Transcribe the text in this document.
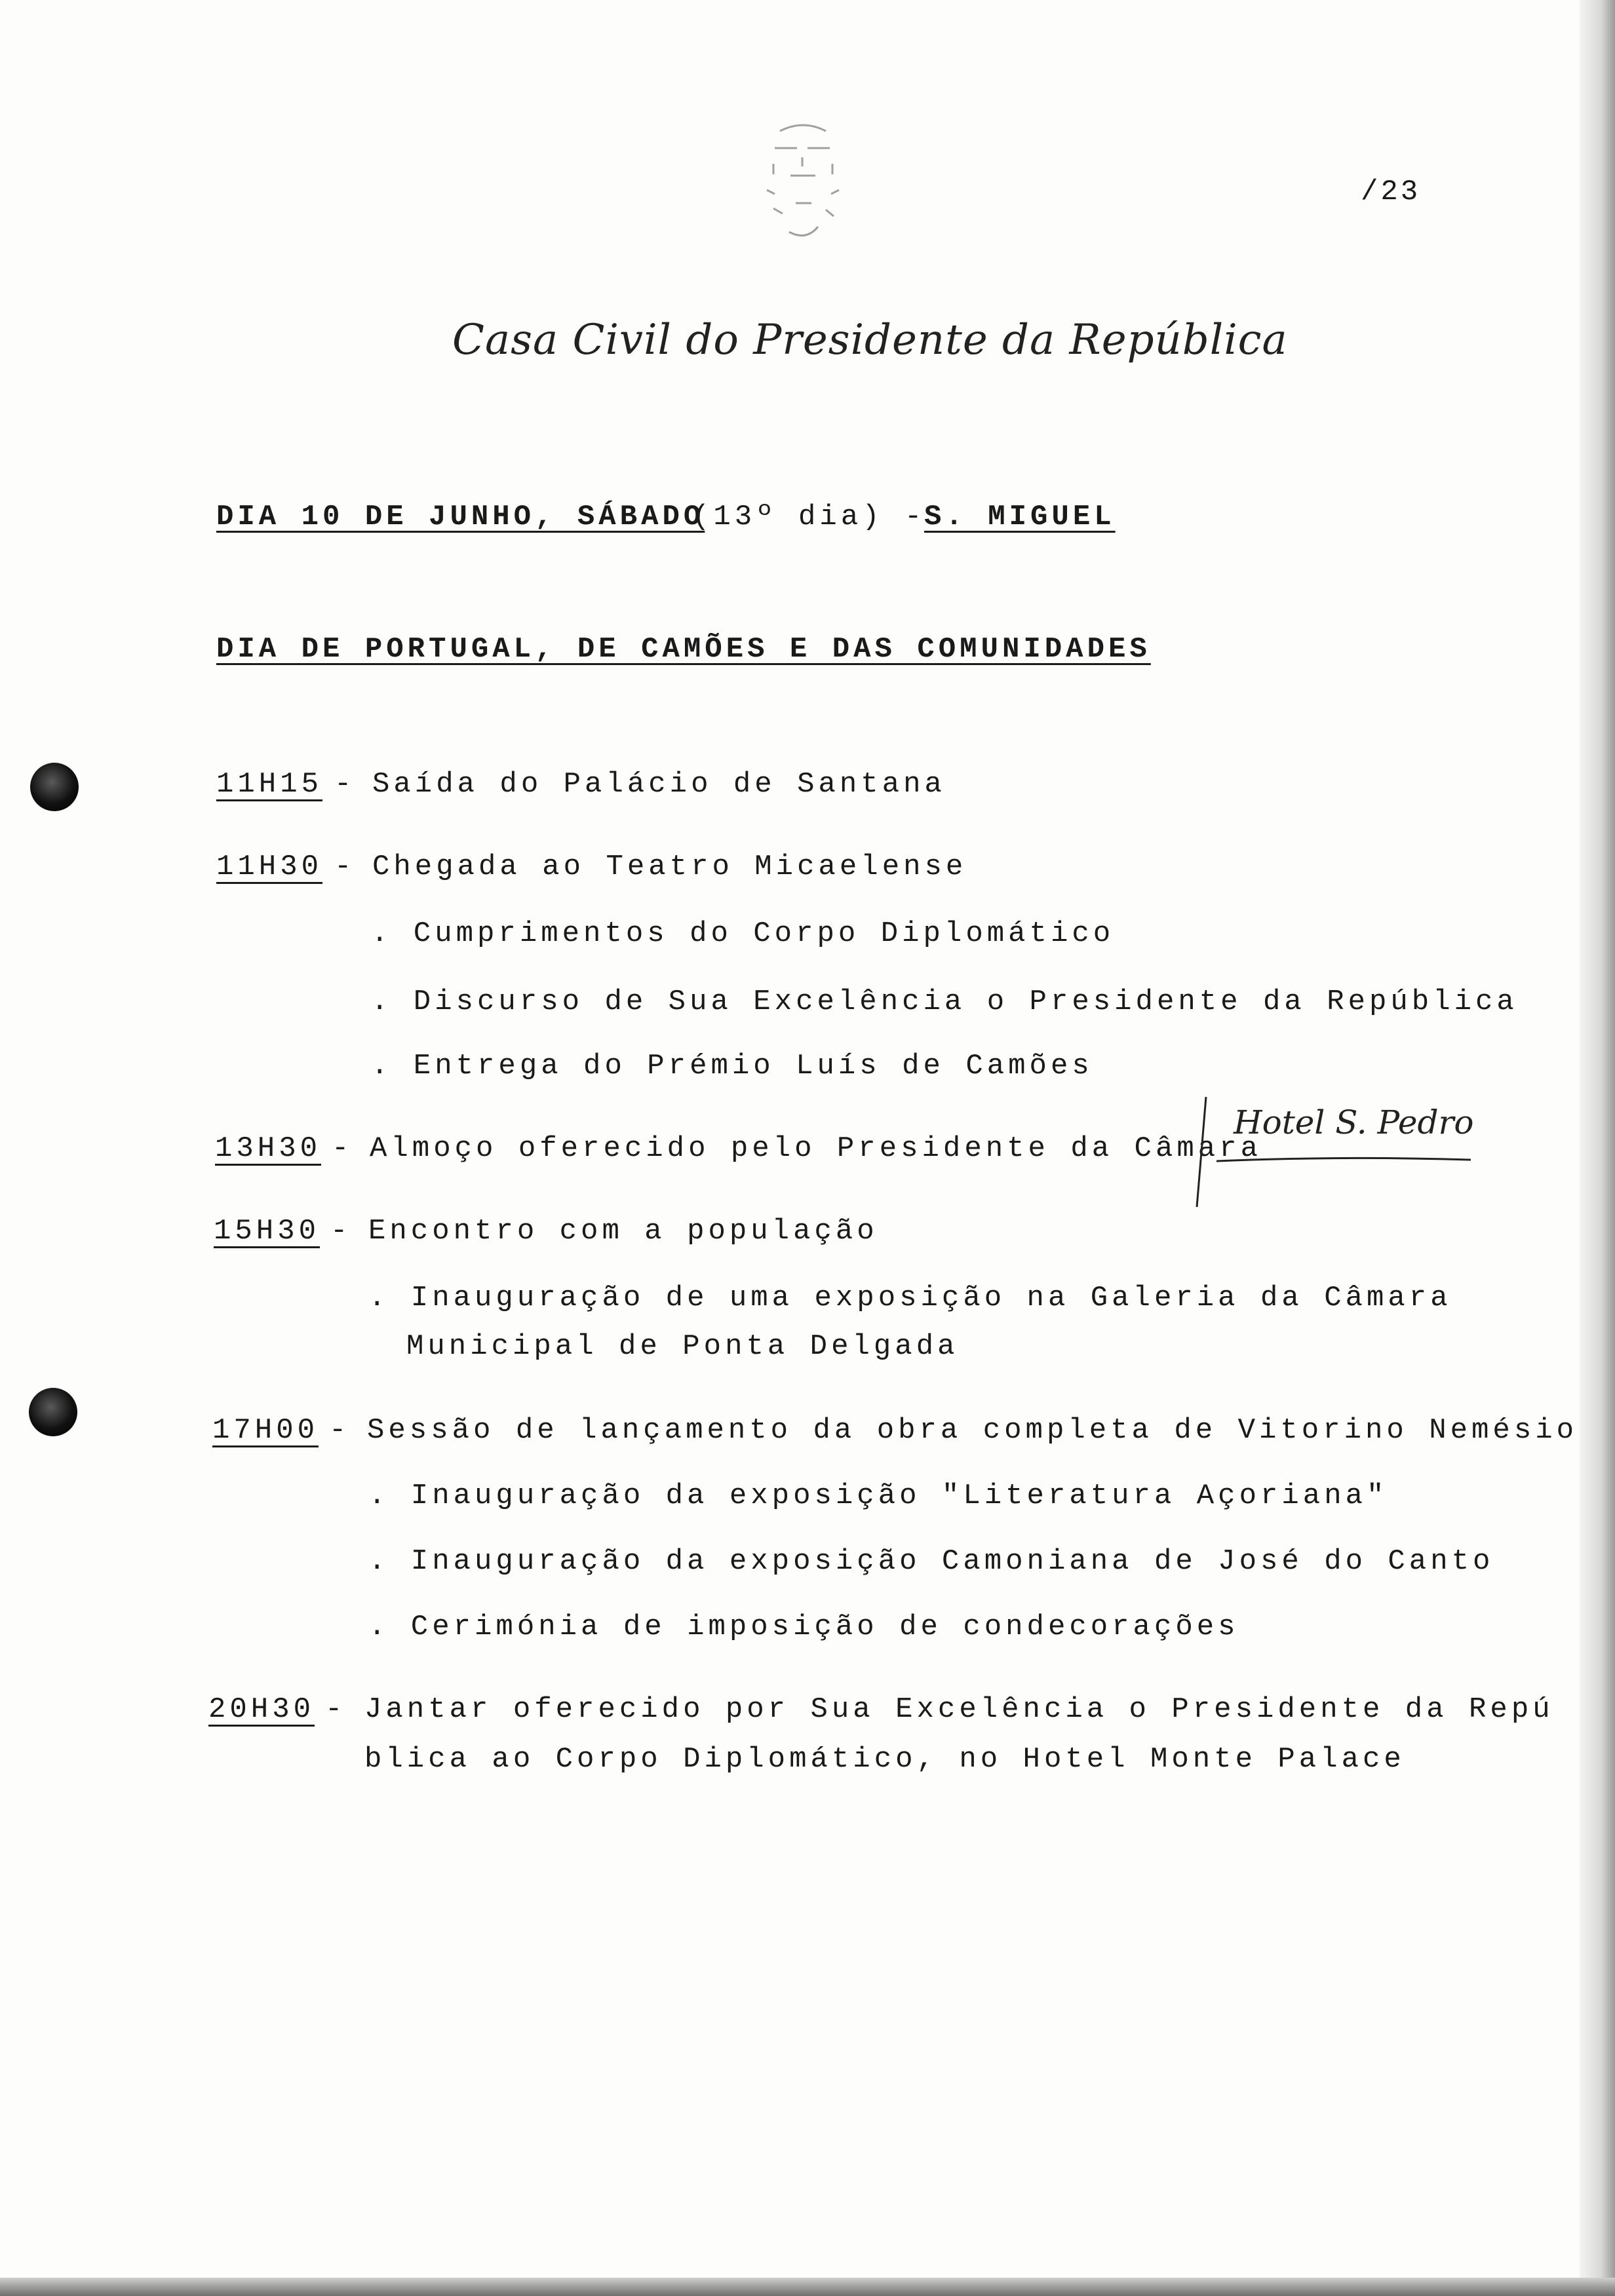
/23
Casa Civil do Presidente da República
DIA 10 DE JUNHO, SÁBADO
(13º dia) -
S. MIGUEL
DIA DE PORTUGAL, DE CAMÕES E DAS COMUNIDADES
11H15 - Saída do Palácio de Santana
11H30 - Chegada ao Teatro Micaelense
. Cumprimentos do Corpo Diplomático
. Discurso de Sua Excelência o Presidente da República
. Entrega do Prémio Luís de Camões
13H30 - Almoço oferecido pelo Presidente da Câmara
Hotel S. Pedro
15H30 - Encontro com a população
. Inauguração de uma exposição na Galeria da Câmara
Municipal de Ponta Delgada
17H00 - Sessão de lançamento da obra completa de Vitorino Nemésio
. Inauguração da exposição "Literatura Açoriana"
. Inauguração da exposição Camoniana de José do Canto
. Cerimónia de imposição de condecorações
20H30 - Jantar oferecido por Sua Excelência o Presidente da Repú
blica ao Corpo Diplomático, no Hotel Monte Palace
